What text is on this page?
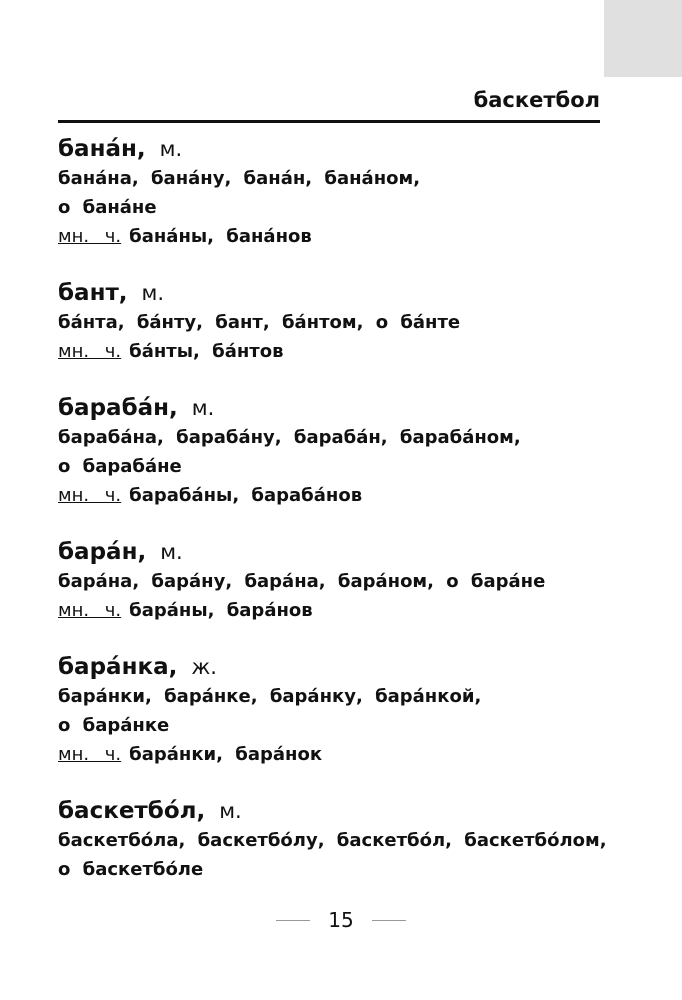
баскетбол
банáн, м.
банáна, банáну, банáн, банáном,
о банáне
мн. ч. банáны, банáнов
бант, м.
бáнта, бáнту, бант, бáнтом, о бáнте
мн. ч. бáнты, бáнтов
барабáн, м.
барабáна, барабáну, барабáн, барабáном,
о барабáне
мн. ч. барабáны, барабáнов
барáн, м.
барáна, барáну, барáна, барáном, о барáне
мн. ч. барáны, барáнов
барáнка, ж.
барáнки, барáнке, барáнку, барáнкой,
о барáнке
мн. ч. барáнки, барáнок
баскетбóл, м.
баскетбóла, баскетбóлу, баскетбóл, баскетбóлом,
о баскетбóле
15
